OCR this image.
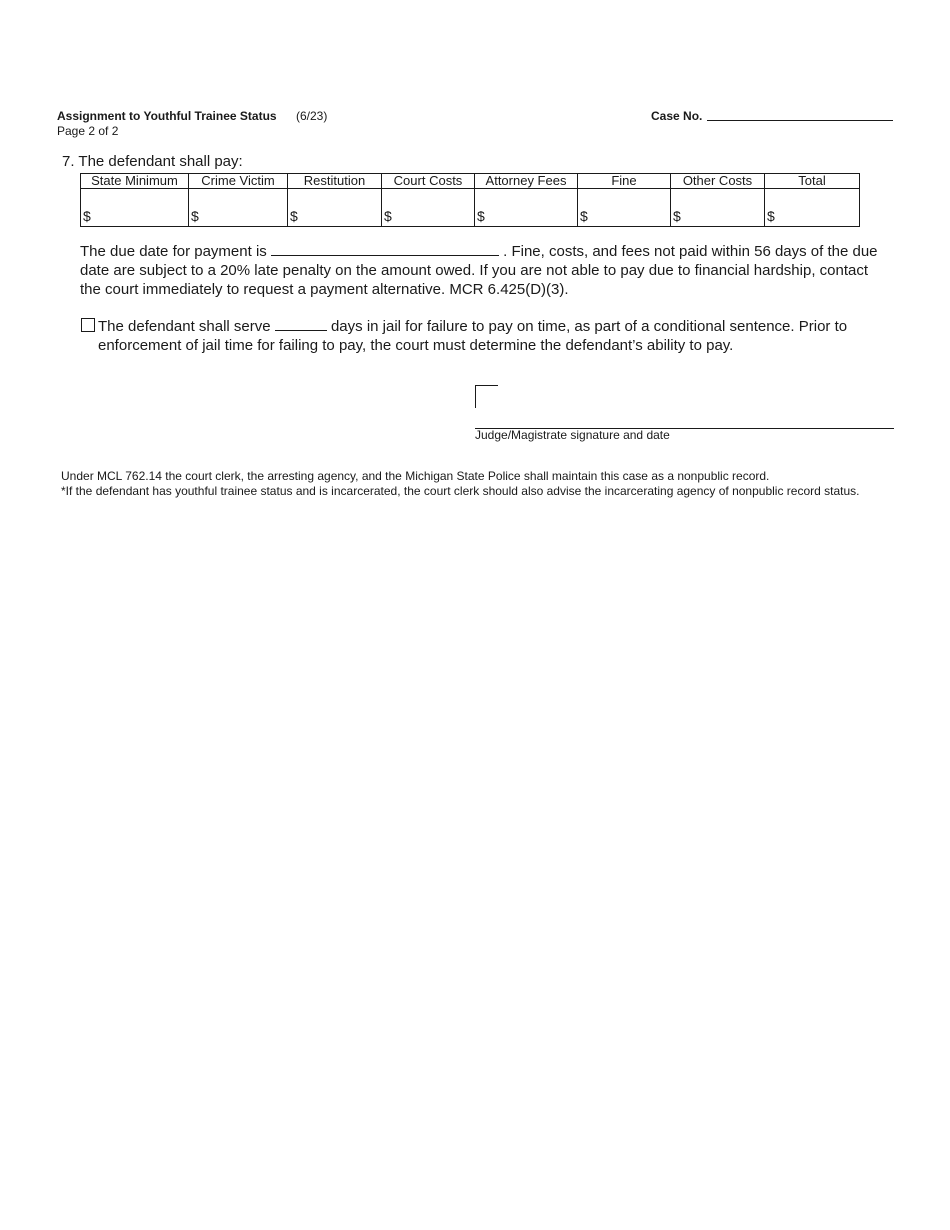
Assignment to Youthful Trainee Status (6/23)
Page 2 of 2
Case No.
7. The defendant shall pay:
State Minimum	Crime Victim	Restitution	Court Costs	Attorney Fees	Fine	Other Costs	Total
$	$	$	$	$	$	$	$
The due date for payment is	. Fine, costs, and fees not paid within 56 days of the due date are subject to a 20% late penalty on the amount owed. If you are not able to pay due to financial hardship, contact the court immediately to request a payment alternative. MCR 6.425(D)(3).
The defendant shall serve	days in jail for failure to pay on time, as part of a conditional sentence. Prior to enforcement of jail time for failing to pay, the court must determine the defendant’s ability to pay.
Judge/Magistrate signature and date
Under MCL 762.14 the court clerk, the arresting agency, and the Michigan State Police shall maintain this case as a nonpublic record.
*If the defendant has youthful trainee status and is incarcerated, the court clerk should also advise the incarcerating agency of nonpublic record status.
